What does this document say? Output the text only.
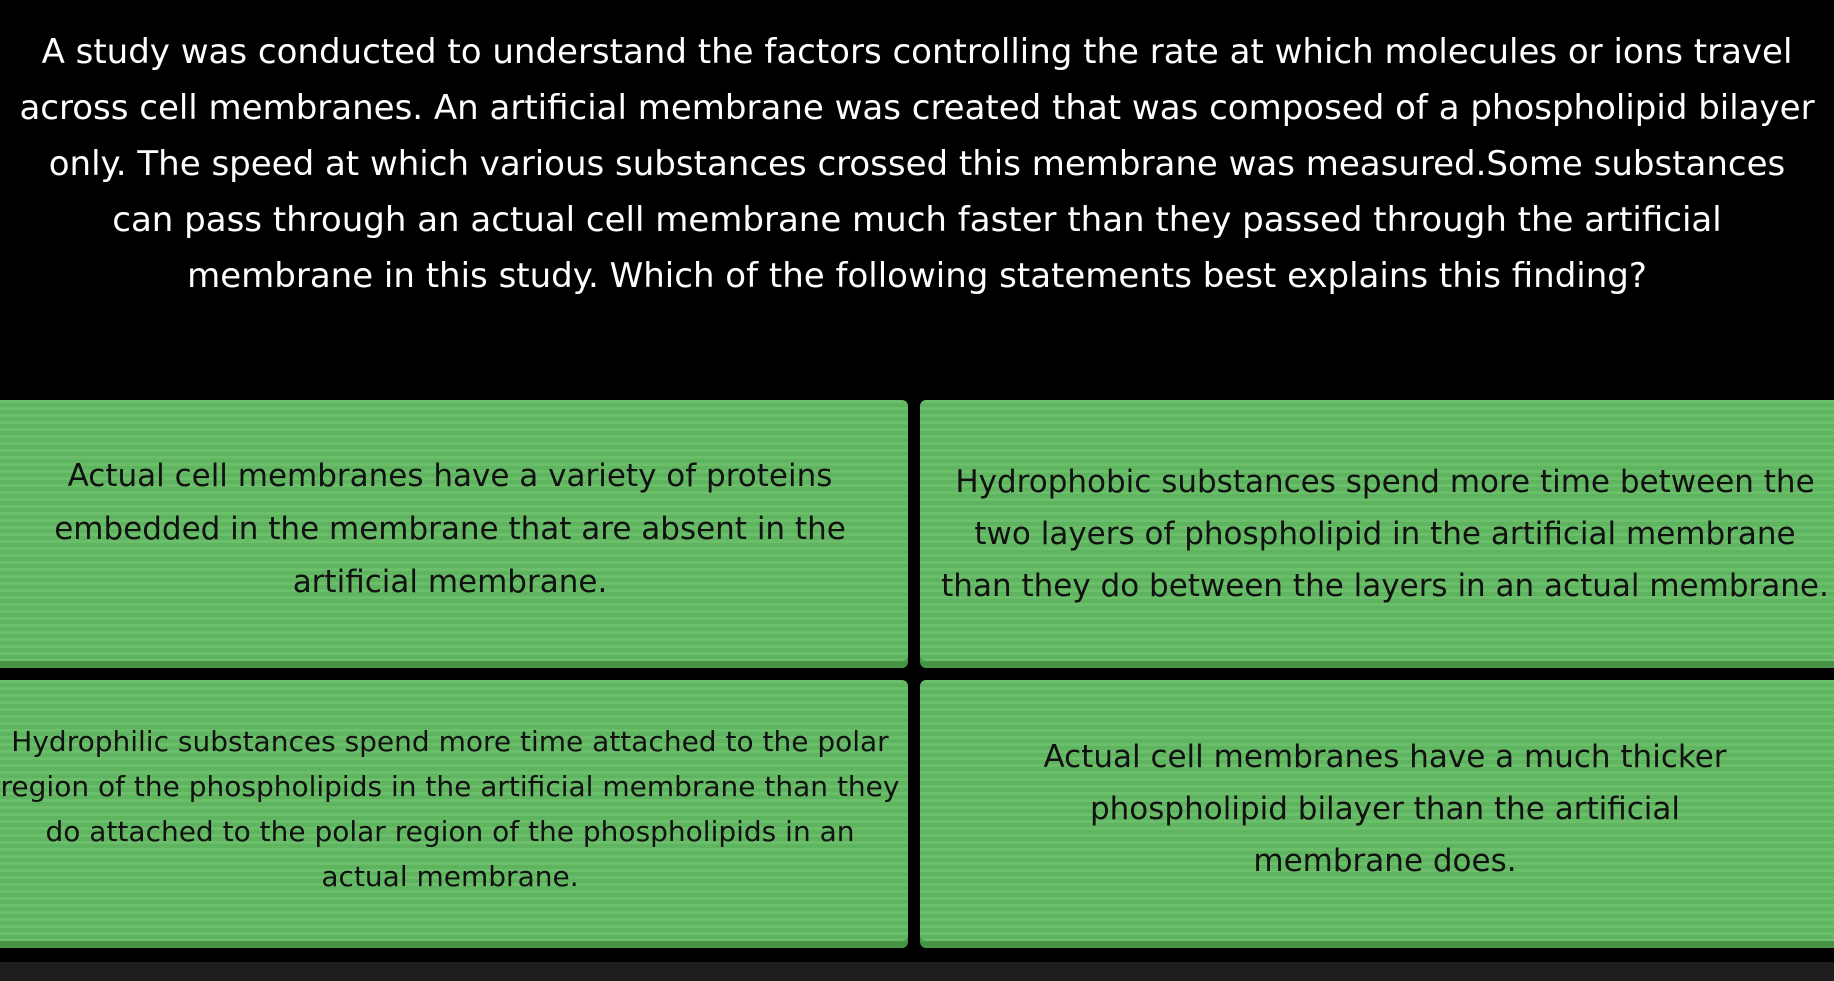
A study was conducted to understand the factors controlling the rate at which molecules or ions travel across cell membranes. An artificial membrane was created that was composed of a phospholipid bilayer only. The speed at which various substances crossed this membrane was measured.Some substances can pass through an actual cell membrane much faster than they passed through the artificial membrane in this study. Which of the following statements best explains this finding?

Actual cell membranes have a variety of proteins embedded in the membrane that are absent in the artificial membrane.
Hydrophobic substances spend more time between the two layers of phospholipid in the artificial membrane than they do between the layers in an actual membrane.
Hydrophilic substances spend more time attached to the polar region of the phospholipids in the artificial membrane than they do attached to the polar region of the phospholipids in an actual membrane.
Actual cell membranes have a much thicker phospholipid bilayer than the artificial membrane does.
